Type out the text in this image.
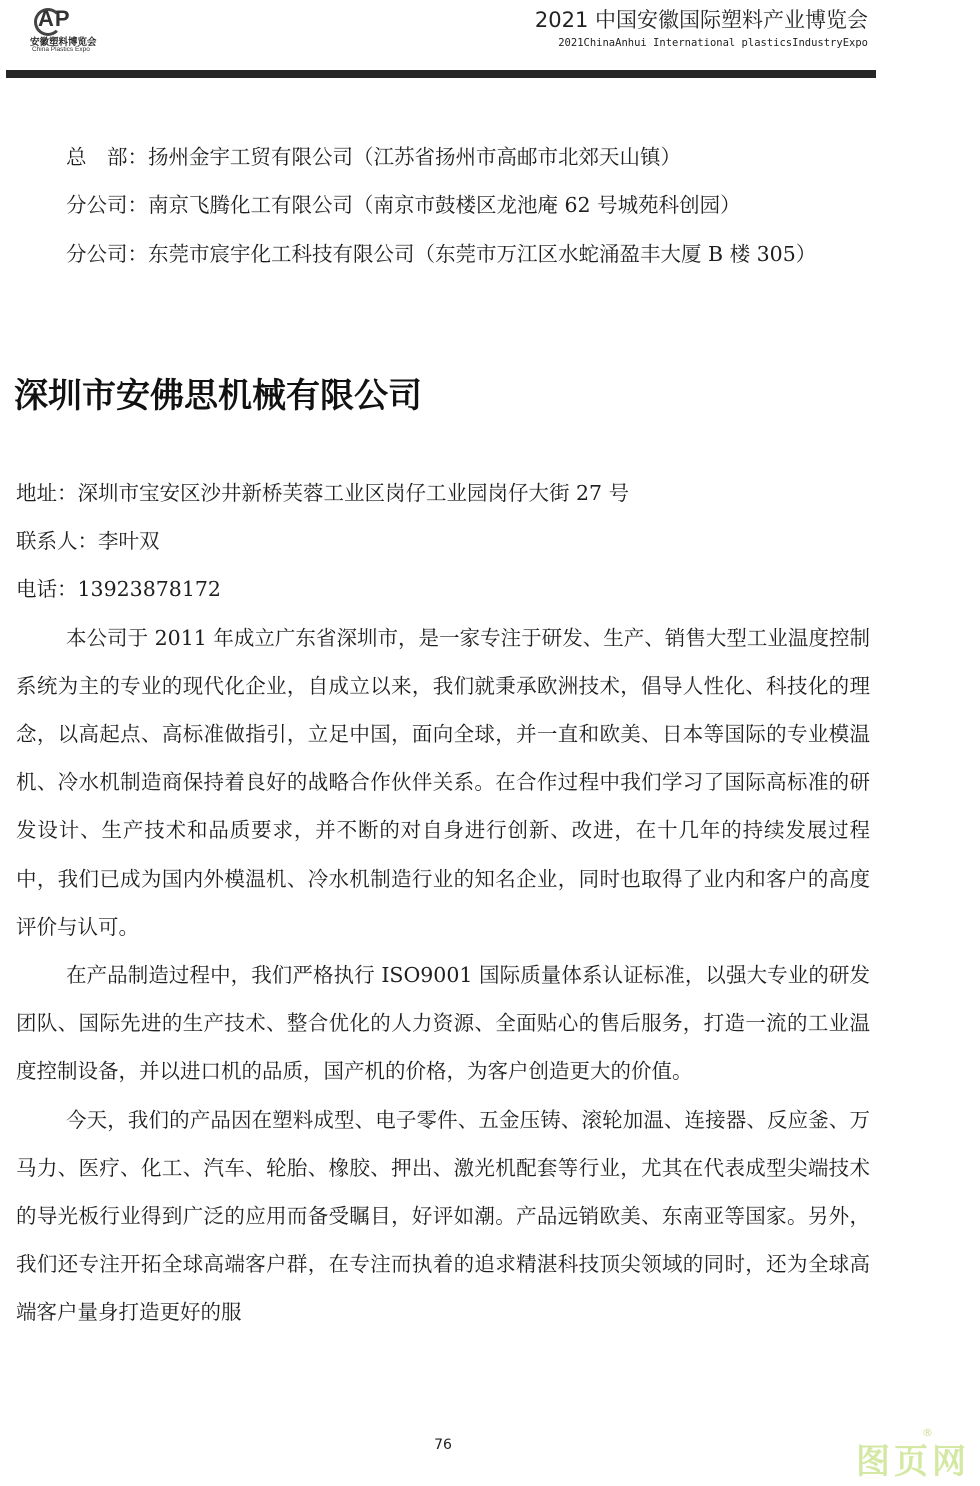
AP
安徽塑料博览会
China Plastics Expo
2021 中国安徽国际塑料产业博览会
2021ChinaAnhui International plasticsIndustryExpo

总　部：扬州金宇工贸有限公司（江苏省扬州市高邮市北郊天山镇）

分公司：南京飞腾化工有限公司（南京市鼓楼区龙池庵 62 号城苑科创园）

分公司：东莞市宸宇化工科技有限公司（东莞市万江区水蛇涌盈丰大厦 B 楼 305）

深圳市安佛思机械有限公司

地址：深圳市宝安区沙井新桥芙蓉工业区岗仔工业园岗仔大街 27 号

联系人：李叶双

电话：13923878172

本公司于 2011 年成立广东省深圳市，是一家专注于研发、生产、销售大型工业温度控制系统为主的专业的现代化企业，自成立以来，我们就秉承欧洲技术，倡导人性化、科技化的理念，以高起点、高标准做指引，立足中国，面向全球，并一直和欧美、日本等国际的专业模温机、冷水机制造商保持着良好的战略合作伙伴关系。在合作过程中我们学习了国际高标准的研发设计、生产技术和品质要求，并不断的对自身进行创新、改进，在十几年的持续发展过程中，我们已成为国内外模温机、冷水机制造行业的知名企业，同时也取得了业内和客户的高度评价与认可。

在产品制造过程中，我们严格执行 ISO9001 国际质量体系认证标准，以强大专业的研发团队、国际先进的生产技术、整合优化的人力资源、全面贴心的售后服务，打造一流的工业温度控制设备，并以进口机的品质，国产机的价格，为客户创造更大的价值。

今天，我们的产品因在塑料成型、电子零件、五金压铸、滚轮加温、连接器、反应釜、万马力、医疗、化工、汽车、轮胎、橡胶、押出、激光机配套等行业，尤其在代表成型尖端技术的导光板行业得到广泛的应用而备受瞩目，好评如潮。产品远销欧美、东南亚等国家。另外，我们还专注开拓全球高端客户群，在专注而执着的追求精湛科技顶尖领域的同时，还为全球高端客户量身打造更好的服

76	图页网
®
